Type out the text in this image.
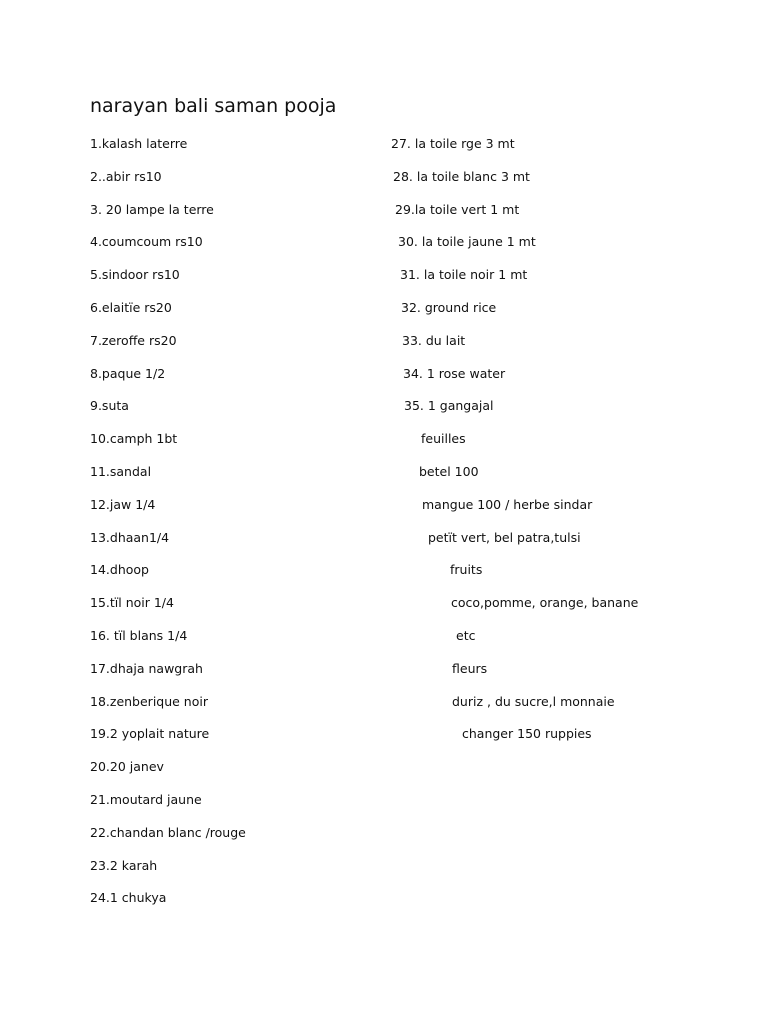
narayan bali saman pooja
1.kalash laterre
2..abir rs10
3. 20 lampe la terre
4.coumcoum rs10
5.sindoor rs10
6.elaitïe rs20
7.zeroffe rs20
8.paque 1/2
9.suta
10.camph 1bt
11.sandal
12.jaw 1/4
13.dhaan1/4
14.dhoop
15.tïl noir 1/4
16. tïl blans 1/4
17.dhaja nawgrah
18.zenberique noir
19.2 yoplait nature
20.20 janev
21.moutard jaune
22.chandan blanc /rouge
23.2 karah
24.1 chukya
27. la toile rge 3 mt
28. la toile blanc 3 mt
29.la toile vert 1 mt
30. la toile jaune 1 mt
31. la toile noir 1 mt
32. ground rice
33. du lait
34. 1 rose water
35. 1 gangajal
feuilles
betel 100
mangue 100 / herbe sindar
petït vert, bel patra,tulsi
fruits
coco,pomme, orange, banane
etc
fleurs
duriz , du sucre,l monnaie
changer 150 ruppies
